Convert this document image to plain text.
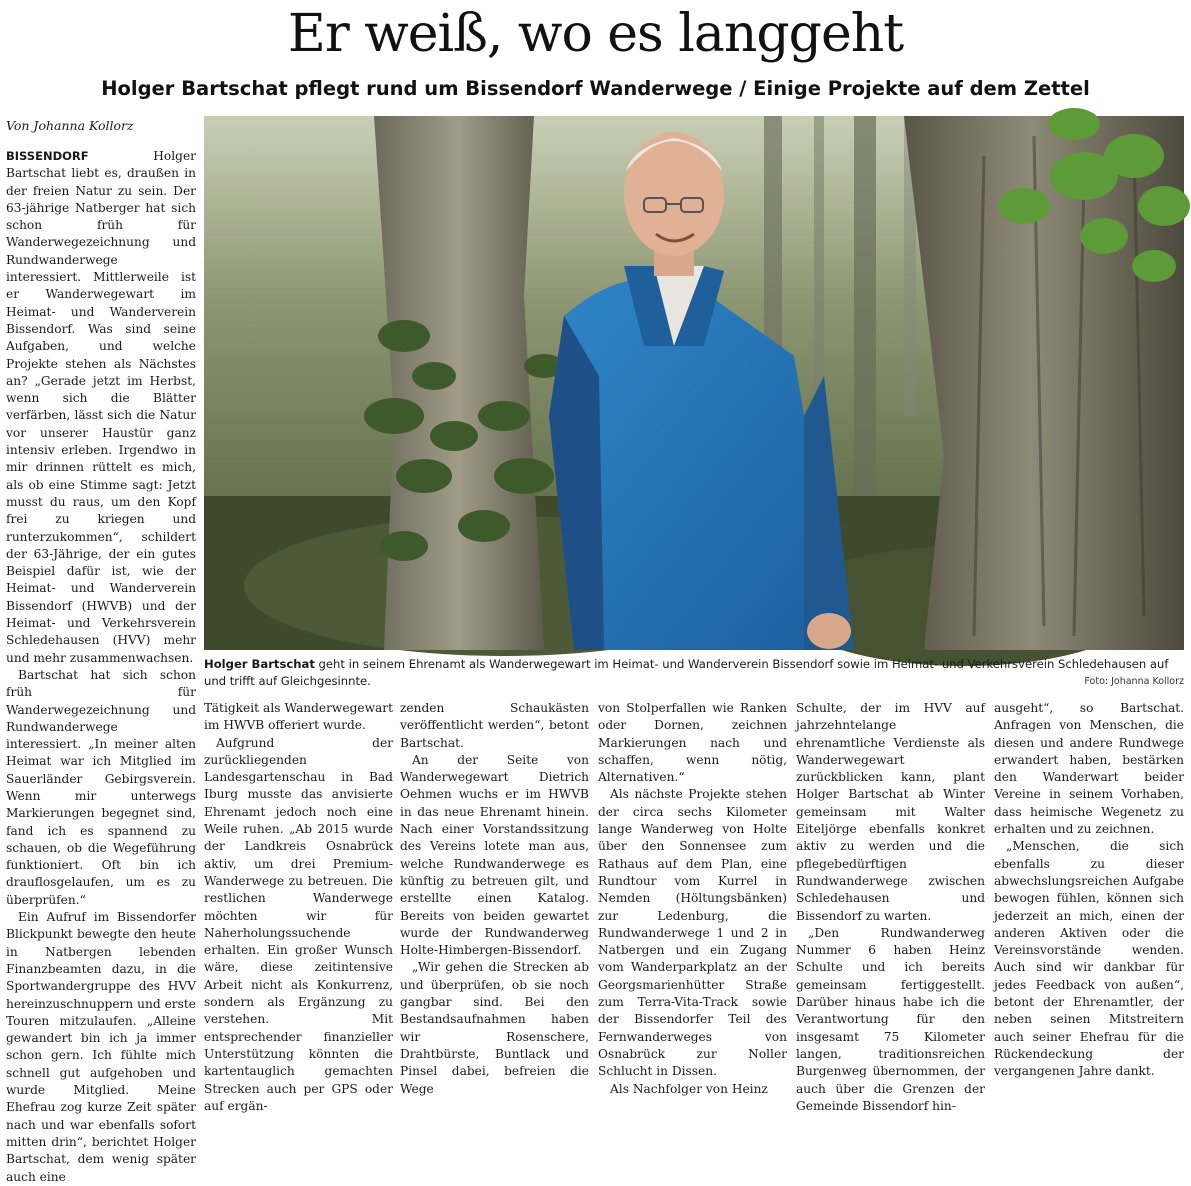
Er weiß, wo es langgeht
Holger Bartschat pflegt rund um Bissendorf Wanderwege / Einige Projekte auf dem Zettel
Von Johanna Kollorz

BISSENDORF	Holger Bartschat liebt es, draußen in der freien Natur zu sein. Der 63-jährige Natberger hat sich schon früh für Wanderwegezeichnung und Rundwanderwege interessiert. Mittlerweile ist er Wanderwegewart im Heimat- und Wanderverein Bissendorf. Was sind seine Aufgaben, und welche Projekte stehen als Nächstes an? „Gerade jetzt im Herbst, wenn sich die Blätter verfärben, lässt sich die Natur vor unserer Haustür ganz intensiv erleben. Irgendwo in mir drinnen rüttelt es mich, als ob eine Stimme sagt: Jetzt musst du raus, um den Kopf frei zu kriegen und runterzukommen“, schildert der 63-Jährige, der ein gutes Beispiel dafür ist, wie der Heimat- und Wanderverein Bissendorf (HWVB) und der Heimat- und Verkehrsverein Schledehausen (HVV) mehr und mehr zusammenwachsen.

Bartschat hat sich schon früh für Wanderwegezeichnung und Rundwanderwege interessiert. „In meiner alten Heimat war ich Mitglied im Sauerländer Gebirgsverein. Wenn mir unterwegs Markierungen begegnet sind, fand ich es spannend zu schauen, ob die Wegeführung funktioniert. Oft bin ich drauflosgelaufen, um es zu überprüfen.“

Ein Aufruf im Bissendorfer Blickpunkt bewegte den heute in Natbergen lebenden Finanzbeamten dazu, in die Sportwandergruppe des HVV hereinzuschnuppern und erste Touren mitzulaufen. „Alleine gewandert bin ich ja immer schon gern. Ich fühlte mich schnell gut aufgehoben und wurde Mitglied. Meine Ehefrau zog kurze Zeit später nach und war ebenfalls sofort mitten drin“, berichtet Holger Bartschat, dem wenig später auch eine

Holger Bartschat geht in seinem Ehrenamt als Wanderwegewart im Heimat- und Wanderverein Bissendorf sowie im Heimat- und Verkehrsverein Schledehausen auf und trifft auf Gleichgesinnte.	Foto: Johanna Kollorz

Tätigkeit als Wanderwegewart im HWVB offeriert wurde.

Aufgrund der zurückliegenden Landesgartenschau in Bad Iburg musste das anvisierte Ehrenamt jedoch noch eine Weile ruhen. „Ab 2015 wurde der Landkreis Osnabrück aktiv, um drei Premium-Wanderwege zu betreuen. Die restlichen Wanderwege möchten wir für Naherholungssuchende erhalten. Ein großer Wunsch wäre, diese zeitintensive Arbeit nicht als Konkurrenz, sondern als Ergänzung zu verstehen. Mit entsprechender finanzieller Unterstützung könnten die kartentauglich gemachten Strecken auch per GPS oder auf ergän-

zenden Schaukästen veröffentlicht werden“, betont Bartschat.

An der Seite von Wanderwegewart Dietrich Oehmen wuchs er im HWVB in das neue Ehrenamt hinein. Nach einer Vorstandssitzung des Vereins lotete man aus, welche Rundwanderwege es künftig zu betreuen gilt, und erstellte einen Katalog. Bereits von beiden gewartet wurde der Rundwanderweg Holte-Himbergen-Bissendorf.

„Wir gehen die Strecken ab und überprüfen, ob sie noch gangbar sind. Bei den Bestandsaufnahmen haben wir Rosenschere, Drahtbürste, Buntlack und Pinsel dabei, befreien die Wege

von Stolperfallen wie Ranken oder Dornen, zeichnen Markierungen nach und schaffen, wenn nötig, Alternativen.“

Als nächste Projekte stehen der circa sechs Kilometer lange Wanderweg von Holte über den Sonnensee zum Rathaus auf dem Plan, eine Rundtour vom Kurrel in Nemden (Höltungsbänken) zur Ledenburg, die Rundwanderwege 1 und 2 in Natbergen und ein Zugang vom Wanderparkplatz an der Georgsmarienhütter Straße zum Terra-Vita-Track sowie der Bissendorfer Teil des Fernwanderweges von Osnabrück zur Noller Schlucht in Dissen.

Als Nachfolger von Heinz

Schulte, der im HVV auf jahrzehntelange ehrenamtliche Verdienste als Wanderwegewart zurückblicken kann, plant Holger Bartschat ab Winter gemeinsam mit Walter Eiteljörge ebenfalls konkret aktiv zu werden und die pflegebedürftigen Rundwanderwege zwischen Schledehausen und Bissendorf zu warten.

„Den Rundwanderweg Nummer 6 haben Heinz Schulte und ich bereits gemeinsam fertiggestellt. Darüber hinaus habe ich die Verantwortung für den insgesamt 75 Kilometer langen, traditionsreichen Burgenweg übernommen, der auch über die Grenzen der Gemeinde Bissendorf hin-

ausgeht“, so Bartschat. Anfragen von Menschen, die diesen und andere Rundwege erwandert haben, bestärken den Wanderwart beider Vereine in seinem Vorhaben, dass heimische Wegenetz zu erhalten und zu zeichnen.

„Menschen, die sich ebenfalls zu dieser abwechslungsreichen Aufgabe bewogen fühlen, können sich jederzeit an mich, einen der anderen Aktiven oder die Vereinsvorstände wenden. Auch sind wir dankbar für jedes Feedback von außen“, betont der Ehrenamtler, der neben seinen Mitstreitern auch seiner Ehefrau für die Rückendeckung der vergangenen Jahre dankt.
